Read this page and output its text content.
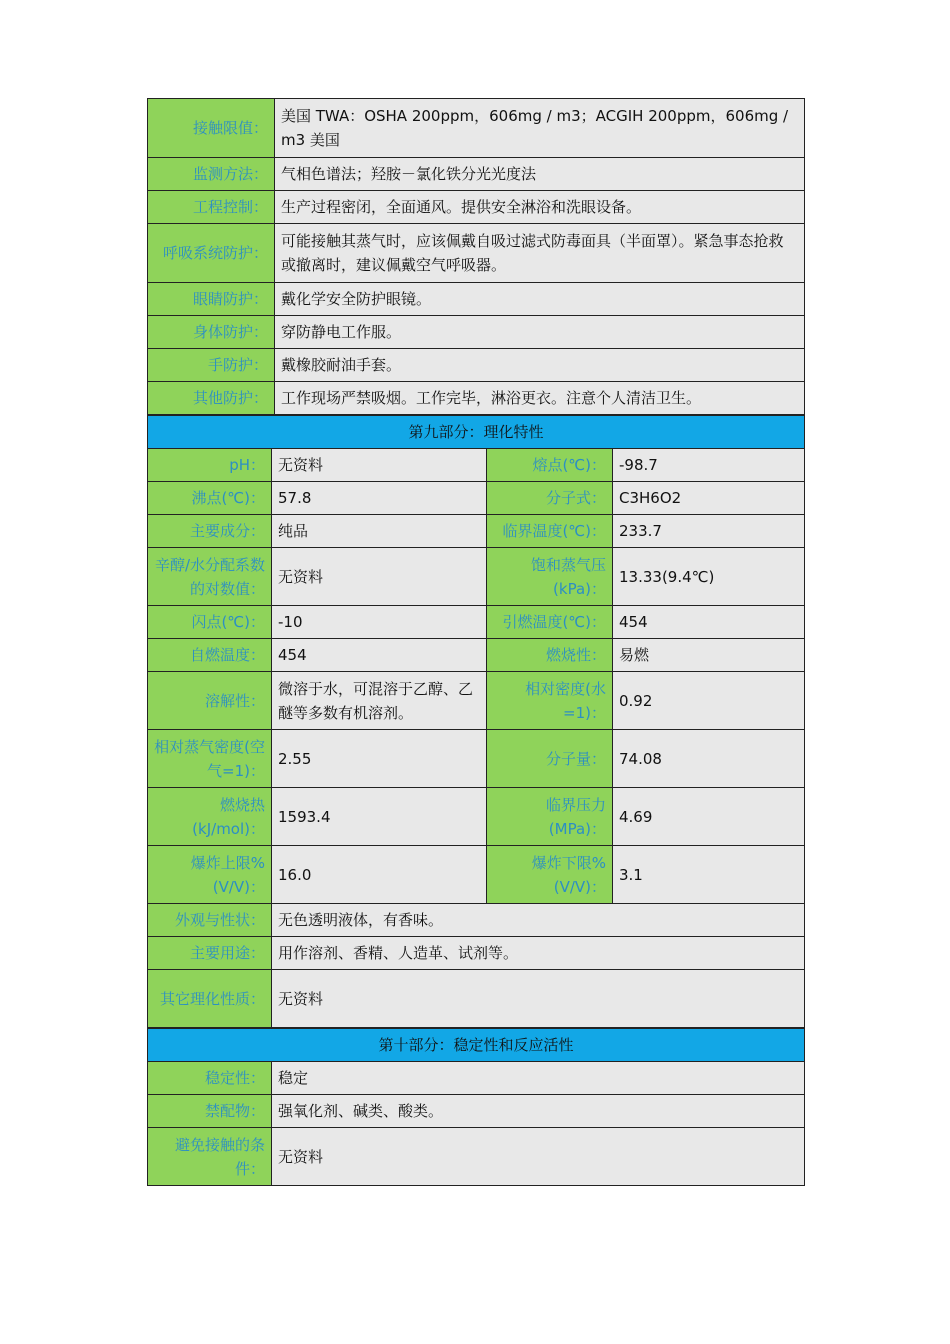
接触限值：	美国 TWA：OSHA 200ppm，606mg / m3；ACGIH 200ppm，606mg / m3 美国
监测方法：	气相色谱法；羟胺－氯化铁分光光度法
工程控制：	生产过程密闭，全面通风。提供安全淋浴和洗眼设备。
呼吸系统防护：	可能接触其蒸气时，应该佩戴自吸过滤式防毒面具（半面罩）。紧急事态抢救或撤离时，建议佩戴空气呼吸器。
眼睛防护：	戴化学安全防护眼镜。
身体防护：	穿防静电工作服。
手防护：	戴橡胶耐油手套。
其他防护：	工作现场严禁吸烟。工作完毕，淋浴更衣。注意个人清洁卫生。
第九部分：理化特性			
pH：	无资料	熔点(℃)：	-98.7
沸点(℃)：	57.8	分子式：	C3H6O2
主要成分：	纯品	临界温度(℃)：	233.7
辛醇/水分配系数的对数值：	无资料	饱和蒸气压(kPa)：	13.33(9.4℃)
闪点(℃)：	-10	引燃温度(℃)：	454
自燃温度：	454	燃烧性：	易燃
溶解性：	微溶于水，可混溶于乙醇、乙醚等多数有机溶剂。	相对密度(水=1)：	0.92
相对蒸气密度(空气=1)：	2.55	分子量：	74.08
燃烧热(kJ/mol)：	1593.4	临界压力(MPa)：	4.69
爆炸上限%(V/V)：	16.0	爆炸下限%(V/V)：	3.1
外观与性状：	无色透明液体，有香味。		
主要用途：	用作溶剂、香精、人造革、试剂等。		
其它理化性质：	无资料		
第十部分：稳定性和反应活性	
稳定性：	稳定
禁配物：	强氧化剂、碱类、酸类。
避免接触的条件：	无资料
